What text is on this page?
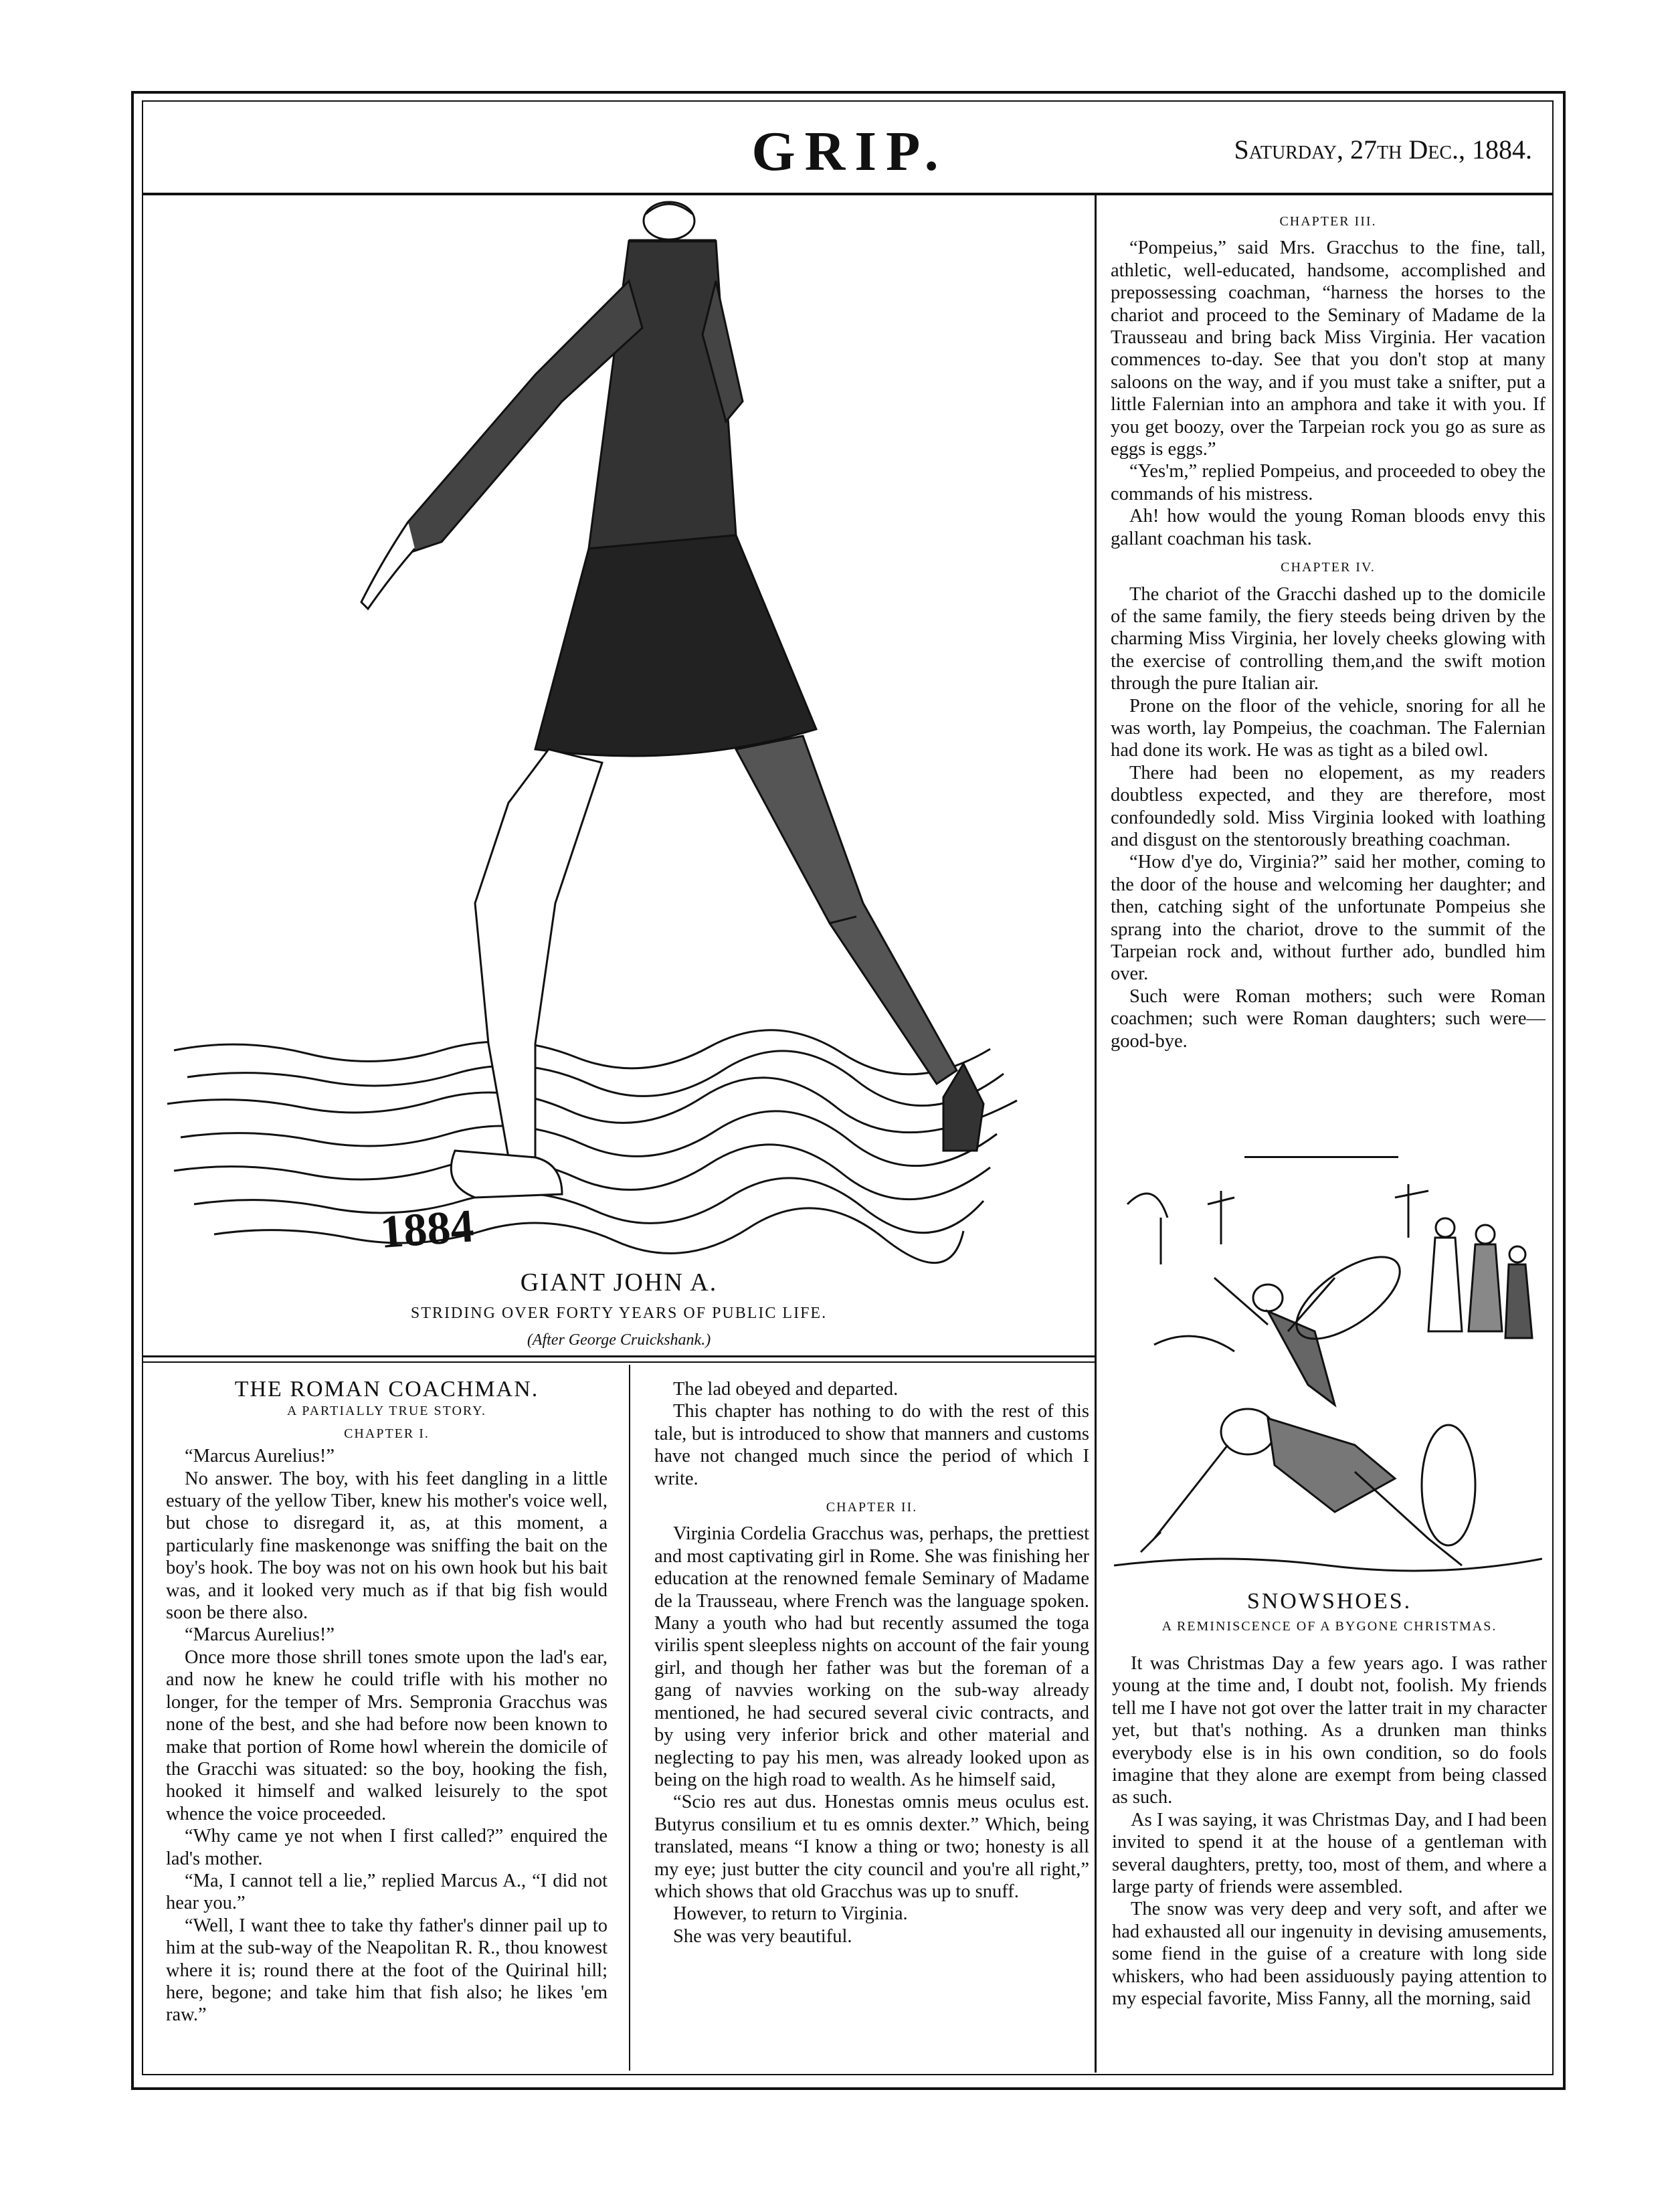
GRIP.	Saturday, 27th Dec., 1884.
1884
GIANT JOHN A.
STRIDING OVER FORTY YEARS OF PUBLIC LIFE.
(After George Cruickshank.)

CHAPTER III.

“Pompeius,” said Mrs. Gracchus to the fine, tall, athletic, well-educated, handsome, accomplished and prepossessing coachman, “harness the horses to the chariot and proceed to the Seminary of Madame de la Trausseau and bring back Miss Virginia. Her vacation commences to-day. See that you don't stop at many saloons on the way, and if you must take a snifter, put a little Falernian into an amphora and take it with you. If you get boozy, over the Tarpeian rock you go as sure as eggs is eggs.”

“Yes'm,” replied Pompeius, and proceeded to obey the commands of his mistress.

Ah! how would the young Roman bloods envy this gallant coachman his task.

CHAPTER IV.

The chariot of the Gracchi dashed up to the domicile of the same family, the fiery steeds being driven by the charming Miss Virginia, her lovely cheeks glowing with the exercise of controlling them,and the swift motion through the pure Italian air.

Prone on the floor of the vehicle, snoring for all he was worth, lay Pompeius, the coachman. The Falernian had done its work. He was as tight as a biled owl.

There had been no elopement, as my readers doubtless expected, and they are therefore, most confoundedly sold. Miss Virginia looked with loathing and disgust on the stentorously breathing coachman.

“How d'ye do, Virginia?” said her mother, coming to the door of the house and welcoming her daughter; and then, catching sight of the unfortunate Pompeius she sprang into the chariot, drove to the summit of the Tarpeian rock and, without further ado, bundled him over.

Such were Roman mothers; such were Roman coachmen; such were Roman daughters; such were—good-bye.

SNOWSHOES.
A REMINISCENCE OF A BYGONE CHRISTMAS.

It was Christmas Day a few years ago. I was rather young at the time and, I doubt not, foolish. My friends tell me I have not got over the latter trait in my character yet, but that's nothing. As a drunken man thinks everybody else is in his own condition, so do fools imagine that they alone are exempt from being classed as such.

As I was saying, it was Christmas Day, and I had been invited to spend it at the house of a gentleman with several daughters, pretty, too, most of them, and where a large party of friends were assembled.

The snow was very deep and very soft, and after we had exhausted all our ingenuity in devising amusements, some fiend in the guise of a creature with long side whiskers, who had been assiduously paying attention to my especial favorite, Miss Fanny, all the morning, said

THE ROMAN COACHMAN.

A PARTIALLY TRUE STORY.

CHAPTER I.

“Marcus Aurelius!”

No answer. The boy, with his feet dangling in a little estuary of the yellow Tiber, knew his mother's voice well, but chose to disregard it, as, at this moment, a particularly fine maskenonge was sniffing the bait on the boy's hook. The boy was not on his own hook but his bait was, and it looked very much as if that big fish would soon be there also.

“Marcus Aurelius!”

Once more those shrill tones smote upon the lad's ear, and now he knew he could trifle with his mother no longer, for the temper of Mrs. Sempronia Gracchus was none of the best, and she had before now been known to make that portion of Rome howl wherein the domicile of the Gracchi was situated: so the boy, hooking the fish, hooked it himself and walked leisurely to the spot whence the voice proceeded.

“Why came ye not when I first called?” enquired the lad's mother.

“Ma, I cannot tell a lie,” replied Marcus A., “I did not hear you.”

“Well, I want thee to take thy father's dinner pail up to him at the sub-way of the Neapolitan R. R., thou knowest where it is; round there at the foot of the Quirinal hill; here, begone; and take him that fish also; he likes 'em raw.”

The lad obeyed and departed.

This chapter has nothing to do with the rest of this tale, but is introduced to show that manners and customs have not changed much since the period of which I write.

CHAPTER II.

Virginia Cordelia Gracchus was, perhaps, the prettiest and most captivating girl in Rome. She was finishing her education at the renowned female Seminary of Madame de la Trausseau, where French was the language spoken. Many a youth who had but recently assumed the toga virilis spent sleepless nights on account of the fair young girl, and though her father was but the foreman of a gang of navvies working on the sub-way already mentioned, he had secured several civic contracts, and by using very inferior brick and other material and neglecting to pay his men, was already looked upon as being on the high road to wealth. As he himself said,

“Scio res aut dus. Honestas omnis meus oculus est. Butyrus consilium et tu es omnis dexter.” Which, being translated, means “I know a thing or two; honesty is all my eye; just butter the city council and you're all right,” which shows that old Gracchus was up to snuff.

However, to return to Virginia.

She was very beautiful.
